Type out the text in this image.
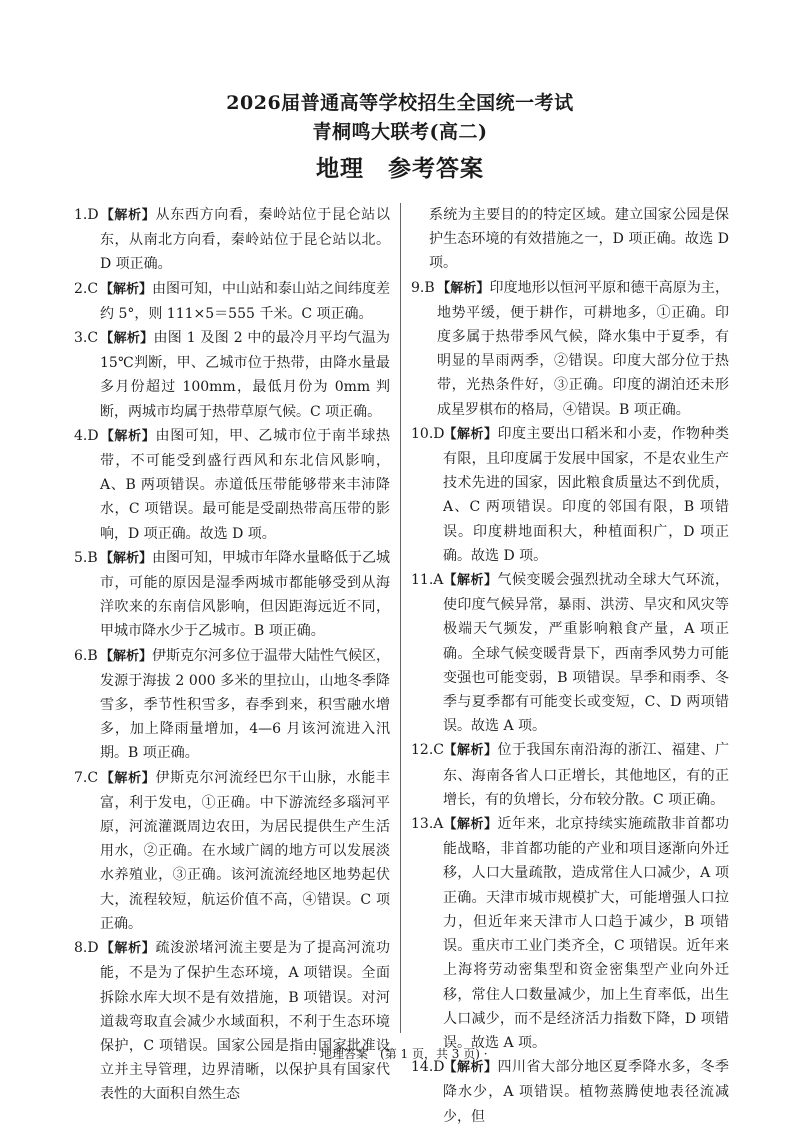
2026届普通高等学校招生全国统一考试
青桐鸣大联考(高二)
地理　参考答案

1.D【解析】从东西方向看，秦岭站位于昆仑站以东，从南北方向看，秦岭站位于昆仑站以北。D 项正确。

2.C 【解析】由图可知，中山站和泰山站之间纬度差约 5°，则 111×5＝555 千米。C 项正确。

3.C 【解析】由图 1 及图 2 中的最冷月平均气温为 15℃判断，甲、乙城市位于热带，由降水量最多月份超过 100mm，最低月份为 0mm 判断，两城市均属于热带草原气候。C 项正确。

4.D【解析】由图可知，甲、乙城市位于南半球热带，不可能受到盛行西风和东北信风影响，A、B 两项错误。赤道低压带能够带来丰沛降水，C 项错误。最可能是受副热带高压带的影响，D 项正确。故选 D 项。

5.B 【解析】由图可知，甲城市年降水量略低于乙城市，可能的原因是湿季两城市都能够受到从海洋吹来的东南信风影响，但因距海远近不同，甲城市降水少于乙城市。B 项正确。

6.B 【解析】伊斯克尔河多位于温带大陆性气候区，发源于海拔 2 000 多米的里拉山，山地冬季降雪多，季节性积雪多，春季到来，积雪融水增多，加上降雨量增加，4—6 月该河流进入汛期。B 项正确。

7.C 【解析】伊斯克尔河流经巴尔干山脉，水能丰富，利于发电，①正确。中下游流经多瑙河平原，河流灌溉周边农田，为居民提供生产生活用水，②正确。在水域广阔的地方可以发展淡水养殖业，③正确。该河流流经地区地势起伏大，流程较短，航运价值不高，④错误。C 项正确。

8.D【解析】疏浚淤堵河流主要是为了提高河流功能，不是为了保护生态环境，A 项错误。全面拆除水库大坝不是有效措施，B 项错误。对河道裁弯取直会减少水域面积，不利于生态环境保护，C 项错误。国家公园是指由国家批准设立并主导管理，边界清晰，以保护具有国家代表性的大面积自然生态

系统为主要目的的特定区域。建立国家公园是保护生态环境的有效措施之一，D 项正确。故选 D 项。

9.B 【解析】印度地形以恒河平原和德干高原为主，地势平缓，便于耕作，可耕地多，①正确。印度多属于热带季风气候，降水集中于夏季，有明显的旱雨两季，②错误。印度大部分位于热带，光热条件好，③正确。印度的湖泊还未形成星罗棋布的格局，④错误。B 项正确。

10.D【解析】印度主要出口稻米和小麦，作物种类有限，且印度属于发展中国家，不是农业生产技术先进的国家，因此粮食质量达不到优质，A、C 两项错误。印度的邻国有限，B 项错误。印度耕地面积大，种植面积广，D 项正确。故选 D 项。

11.A【解析】气候变暖会强烈扰动全球大气环流，使印度气候异常，暴雨、洪涝、旱灾和风灾等极端天气频发，严重影响粮食产量，A 项正确。全球气候变暖背景下，西南季风势力可能变强也可能变弱，B 项错误。旱季和雨季、冬季与夏季都有可能变长或变短，C、D 两项错误。故选 A 项。

12.C【解析】位于我国东南沿海的浙江、福建、广东、海南各省人口正增长，其他地区，有的正增长，有的负增长，分布较分散。C 项正确。

13.A【解析】近年来，北京持续实施疏散非首都功能战略，非首都功能的产业和项目逐渐向外迁移，人口大量疏散，造成常住人口减少，A 项正确。天津市城市规模扩大，可能增强人口拉力，但近年来天津市人口趋于减少，B 项错误。重庆市工业门类齐全，C 项错误。近年来上海将劳动密集型和资金密集型产业向外迁移，常住人口数量减少，加上生育率低，出生人口减少，而不是经济活力指数下降，D 项错误。故选 A 项。

14.D【解析】四川省大部分地区夏季降水多，冬季降水少，A 项错误。植物蒸腾使地表径流减少，但

· 地理答案　(第 1 页，共 3 页) ·
